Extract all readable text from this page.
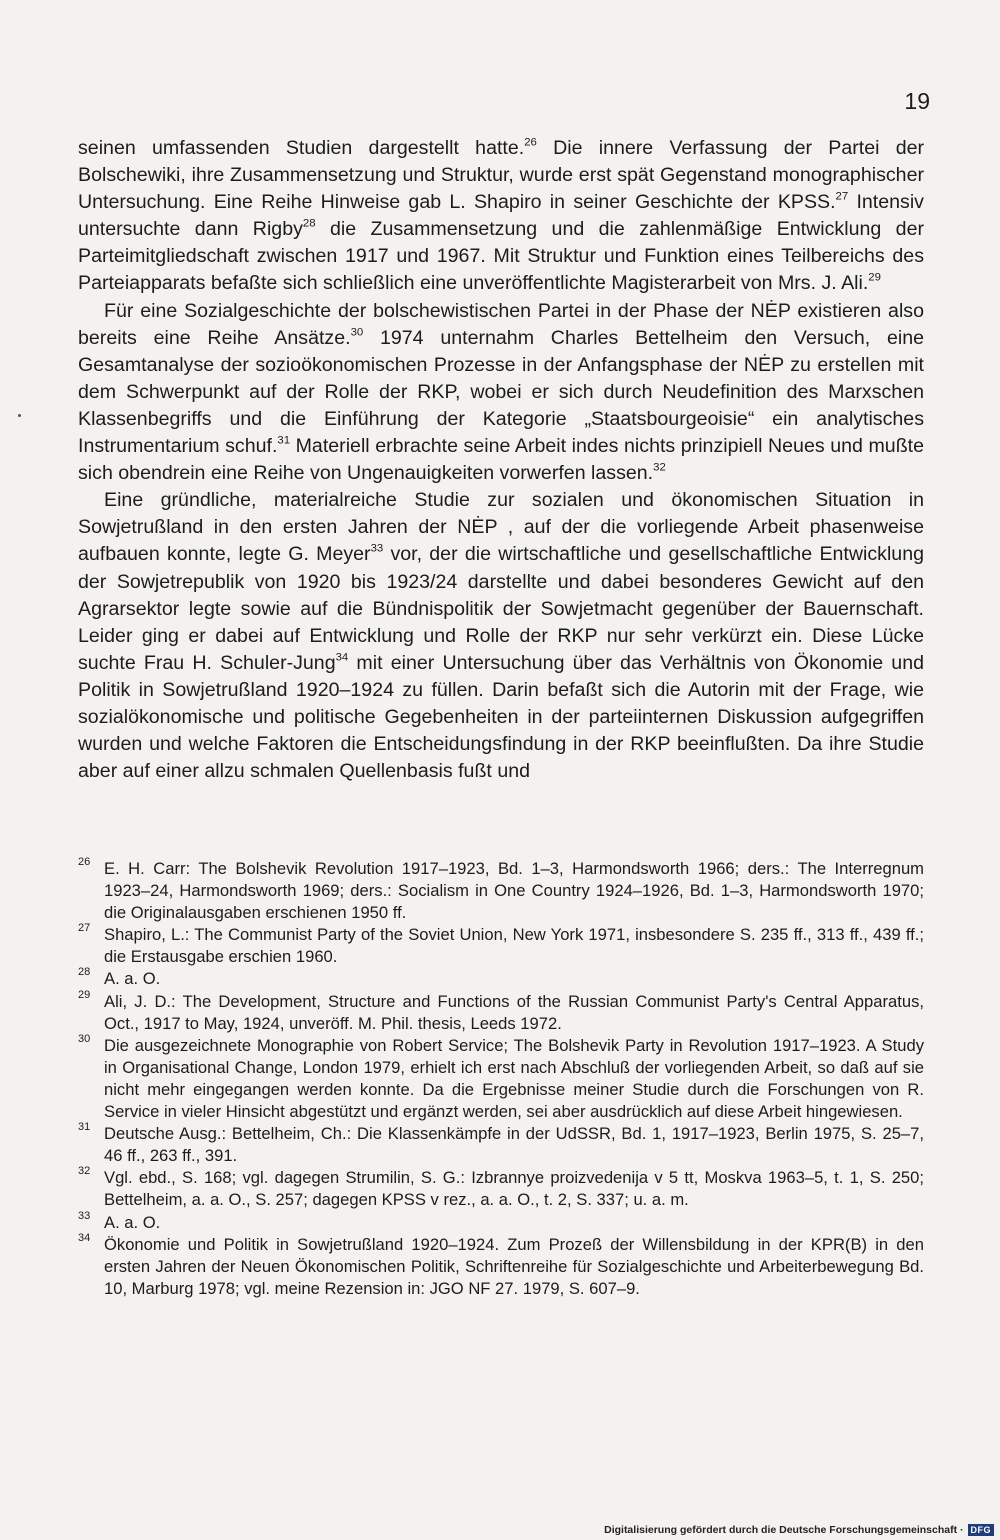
19

seinen umfassenden Studien dargestellt hatte.$^{26}$ Die innere Verfassung der Partei der Bolschewiki, ihre Zusammensetzung und Struktur, wurde erst spät Gegenstand monographischer Untersuchung. Eine Reihe Hinweise gab L. Shapiro in seiner Geschichte der KPSS.$^{27}$ Intensiv untersuchte dann Rigby$^{28}$ die Zusammensetzung und die zahlenmäßige Entwicklung der Parteimitgliedschaft zwischen 1917 und 1967. Mit Struktur und Funktion eines Teilbereichs des Parteiapparats befaßte sich schließlich eine unveröffentlichte Magisterarbeit von Mrs. J. Ali.$^{29}$

Für eine Sozialgeschichte der bolschewistischen Partei in der Phase der NĖP existieren also bereits eine Reihe Ansätze.$^{30}$ 1974 unternahm Charles Bettelheim den Versuch, eine Gesamtanalyse der sozioökonomischen Prozesse in der Anfangsphase der NĖP zu erstellen mit dem Schwerpunkt auf der Rolle der RKP, wobei er sich durch Neudefinition des Marxschen Klassenbegriffs und die Einführung der Kategorie „Staatsbourgeoisie“ ein analytisches Instrumentarium schuf.$^{31}$ Materiell erbrachte seine Arbeit indes nichts prinzipiell Neues und mußte sich obendrein eine Reihe von Ungenauigkeiten vorwerfen lassen.$^{32}$

Eine gründliche, materialreiche Studie zur sozialen und ökonomischen Situation in Sowjetrußland in den ersten Jahren der NĖP , auf der die vorliegende Arbeit phasenweise aufbauen konnte, legte G. Meyer$^{33}$ vor, der die wirtschaftliche und gesellschaftliche Entwicklung der Sowjetrepublik von 1920 bis 1923/24 darstellte und dabei besonderes Gewicht auf den Agrarsektor legte sowie auf die Bündnispolitik der Sowjetmacht gegenüber der Bauernschaft. Leider ging er dabei auf Entwicklung und Rolle der RKP nur sehr verkürzt ein. Diese Lücke suchte Frau H. Schuler-Jung$^{34}$ mit einer Untersuchung über das Verhältnis von Ökonomie und Politik in Sowjetrußland 1920–1924 zu füllen. Darin befaßt sich die Autorin mit der Frage, wie sozialökonomische und politische Gegebenheiten in der parteiinternen Diskussion aufgegriffen wurden und welche Faktoren die Entscheidungsfindung in der RKP beeinflußten. Da ihre Studie aber auf einer allzu schmalen Quellenbasis fußt und

26 E. H. Carr: The Bolshevik Revolution 1917–1923, Bd. 1–3, Harmondsworth 1966; ders.: The Interregnum 1923–24, Harmondsworth 1969; ders.: Socialism in One Country 1924–1926, Bd. 1–3, Harmondsworth 1970; die Originalausgaben erschienen 1950 ff.
27 Shapiro, L.: The Communist Party of the Soviet Union, New York 1971, insbesondere S. 235 ff., 313 ff., 439 ff.; die Erstausgabe erschien 1960.
28 A. a. O.
29 Ali, J. D.: The Development, Structure and Functions of the Russian Communist Party's Central Apparatus, Oct., 1917 to May, 1924, unveröff. M. Phil. thesis, Leeds 1972.
30 Die ausgezeichnete Monographie von Robert Service; The Bolshevik Party in Revolution 1917–1923. A Study in Organisational Change, London 1979, erhielt ich erst nach Abschluß der vorliegenden Arbeit, so daß auf sie nicht mehr eingegangen werden konnte. Da die Ergebnisse meiner Studie durch die Forschungen von R. Service in vieler Hinsicht abgestützt und ergänzt werden, sei aber ausdrücklich auf diese Arbeit hingewiesen.
31 Deutsche Ausg.: Bettelheim, Ch.: Die Klassenkämpfe in der UdSSR, Bd. 1, 1917–1923, Berlin 1975, S. 25–7, 46 ff., 263 ff., 391.
32 Vgl. ebd., S. 168; vgl. dagegen Strumilin, S. G.: Izbrannye proizvedenija v 5 tt, Moskva 1963–5, t. 1, S. 250; Bettelheim, a. a. O., S. 257; dagegen KPSS v rez., a. a. O., t. 2, S. 337; u. a. m.
33 A. a. O.
34 Ökonomie und Politik in Sowjetrußland 1920–1924. Zum Prozeß der Willensbildung in der KPR(B) in den ersten Jahren der Neuen Ökonomischen Politik, Schriftenreihe für Sozialgeschichte und Arbeiterbewegung Bd. 10, Marburg 1978; vgl. meine Rezension in: JGO NF 27. 1979, S. 607–9.
Digitalisierung gefördert durch die Deutsche Forschungsgemeinschaft · DFG
